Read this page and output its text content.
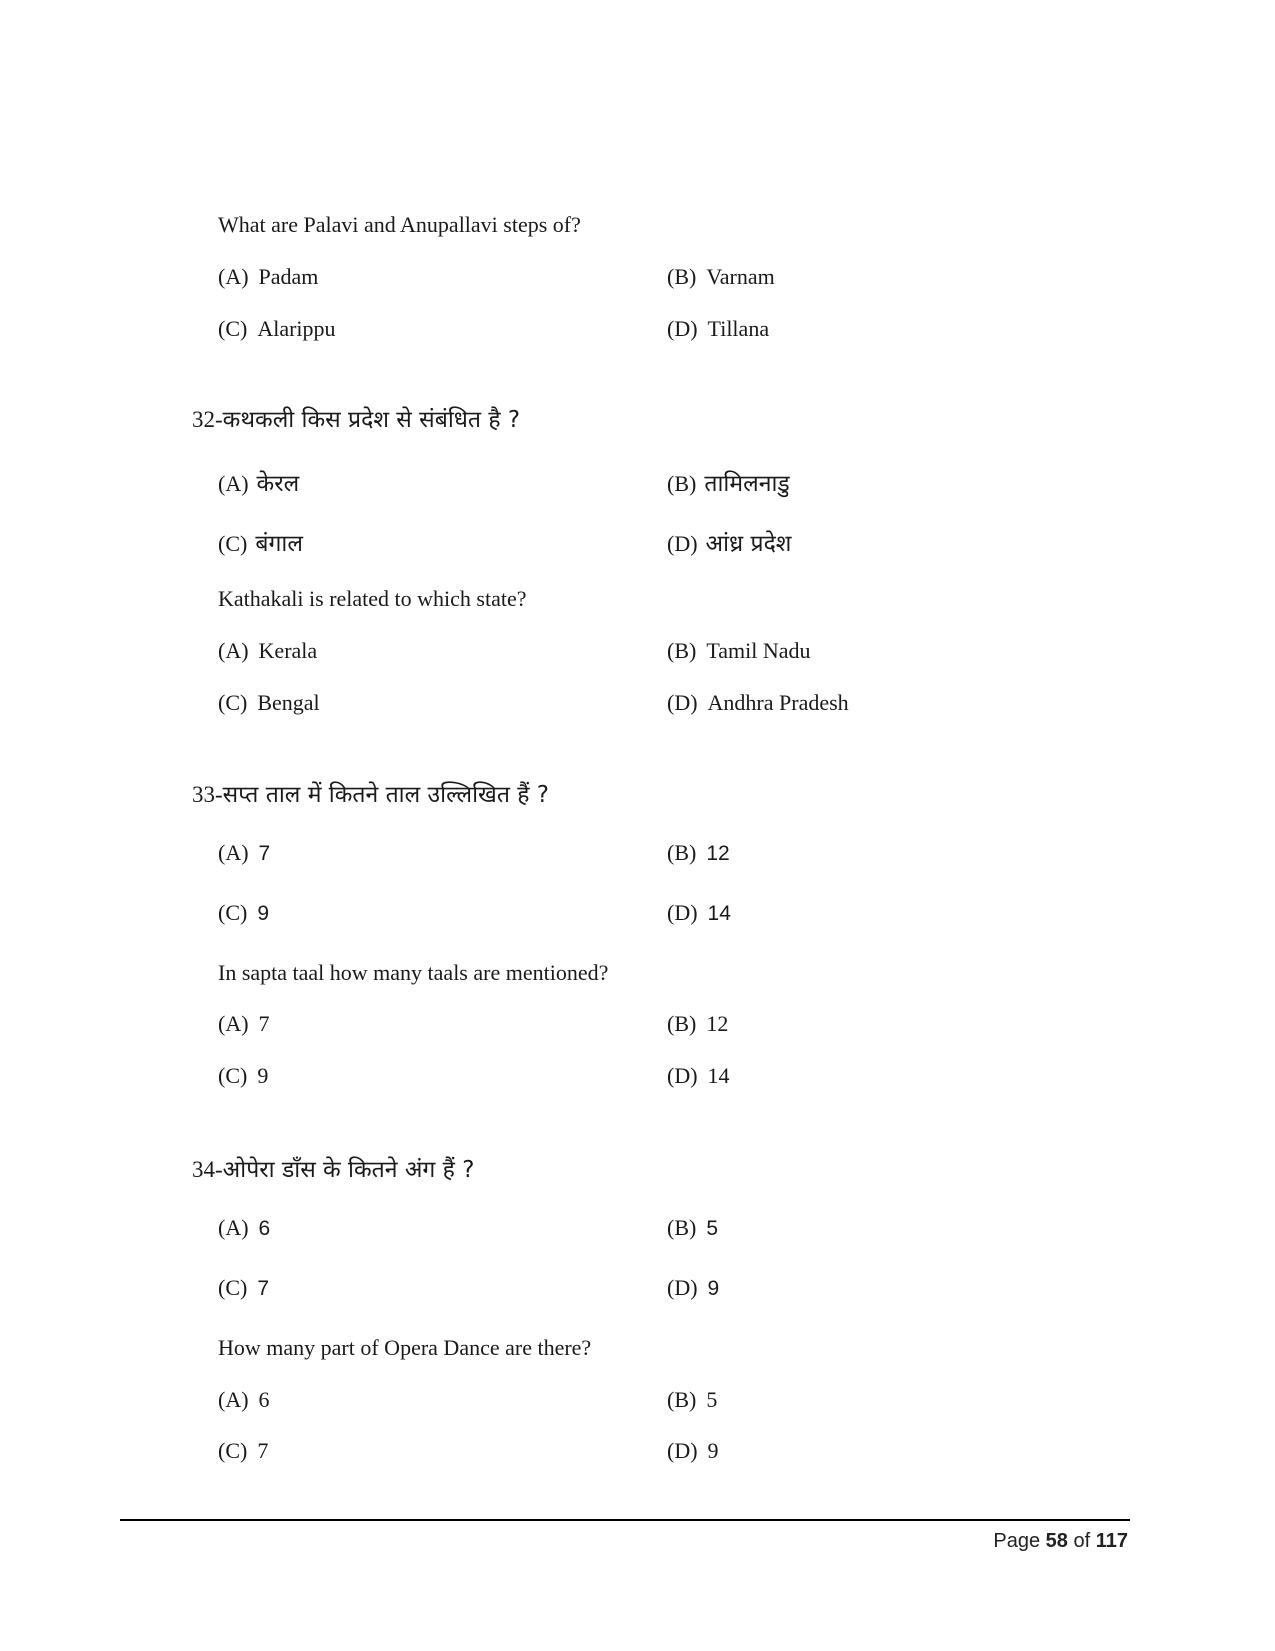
What are Palavi and Anupallavi steps of?
(A) Padam	(B) Varnam
(C) Alarippu	(D) Tillana
32-कथकली किस प्रदेश से संबंधित है ?
(A) केरल	(B) तामिलनाडु
(C) बंगाल	(D) आंध्र प्रदेश
Kathakali is related to which state?
(A) Kerala	(B) Tamil Nadu
(C) Bengal	(D) Andhra Pradesh
33-सप्त ताल में कितने ताल उल्लिखित हैं ?
(A) 7	(B) 12
(C) 9	(D) 14
In sapta taal how many taals are mentioned?
(A) 7	(B) 12
(C) 9	(D) 14
34-ओपेरा डाँस के कितने अंग हैं ?
(A) 6	(B) 5
(C) 7	(D) 9
How many part of Opera Dance are there?
(A) 6	(B) 5
(C) 7	(D) 9
Page 58 of 117
